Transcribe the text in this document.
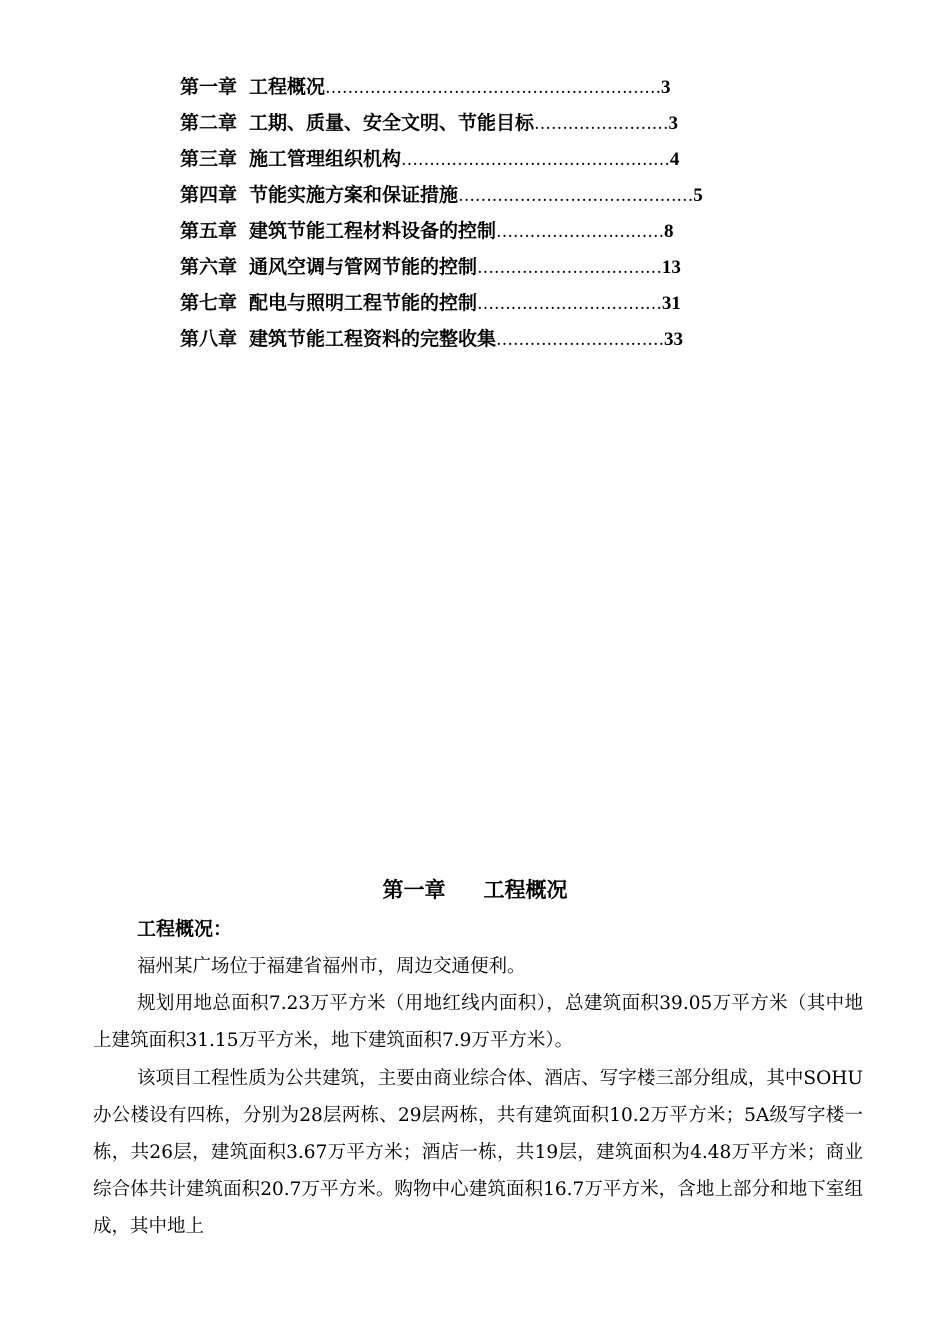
第一章 工程概况 …………………………………………………… 3
第二章 工期、质量、安全文明、节能目标 …………………… 3
第三章 施工管理组织机构 ………………………………………… 4
第四章 节能实施方案和保证措施 …………………………………… 5
第五章 建筑节能工程材料设备的控制 ………………………… 8
第六章 通风空调与管网节能的控制 …………………………… 13
第七章 配电与照明工程节能的控制 …………………………… 31
第八章 建筑节能工程资料的完整收集 ………………………… 33
第一章 工程概况
工程概况：

福州某广场位于福建省福州市，周边交通便利。

规划用地总面积7.23万平方米（用地红线内面积），总建筑面积39.05万平方米（其中地上建筑面积31.15万平方米，地下建筑面积7.9万平方米）。

该项目工程性质为公共建筑，主要由商业综合体、酒店、写字楼三部分组成，其中SOHU办公楼设有四栋，分别为28层两栋、29层两栋，共有建筑面积10.2万平方米；5A级写字楼一栋，共26层，建筑面积3.67万平方米；酒店一栋，共19层，建筑面积为4.48万平方米；商业综合体共计建筑面积20.7万平方米。购物中心建筑面积16.7万平方米，含地上部分和地下室组成，其中地上
